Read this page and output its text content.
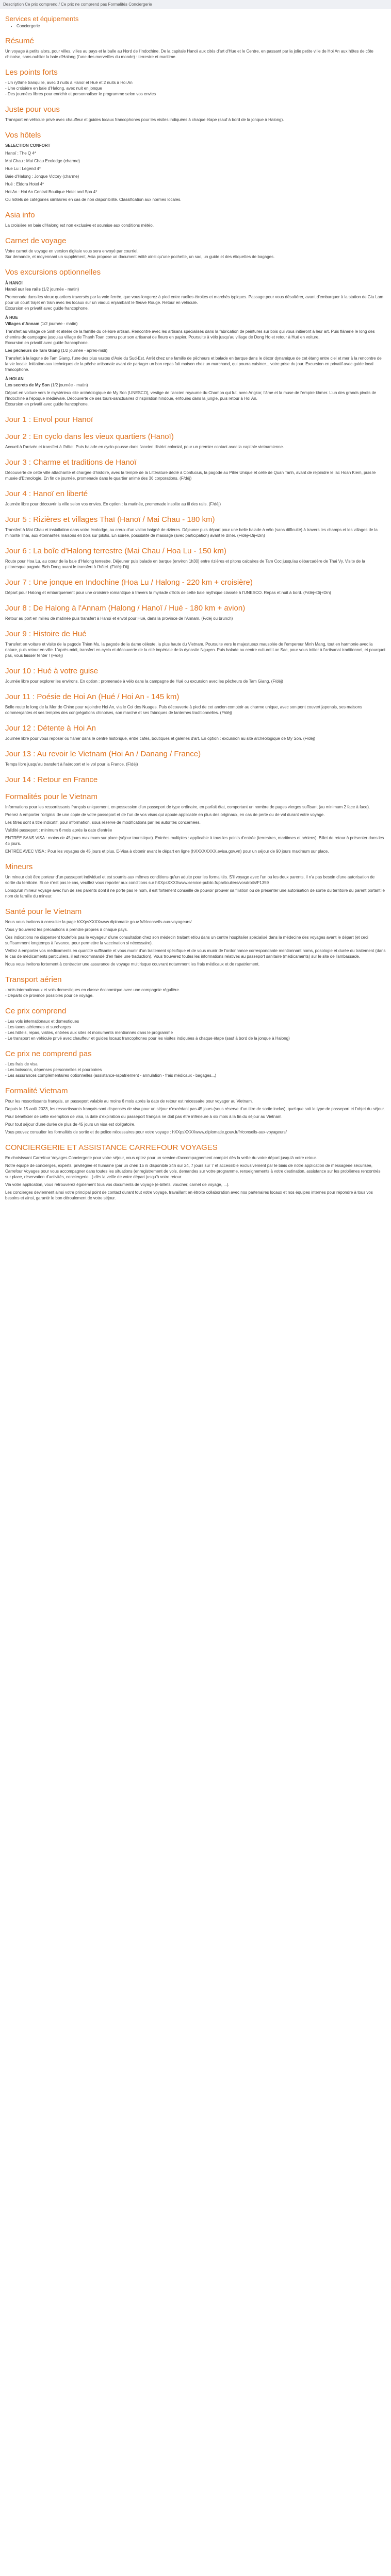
Description Ce prix comprend / Ce prix ne comprend pas Formalités Conciergerie
Services et équipements
• Conciergerie
Résumé
Un voyage à petits alors, pour villes, villes au pays et la balle au Nord de l'Indochine. De la capitale Hanoï aux cités d'art d'Hue et le Centre, en passant par la jolie petite ville de Hoi An aux hôtes de côte chinoise, sans oublier la baie d'Halong (l'une des merveilles du monde) : terrestre et maritime.
Les points forts
- Un rythme tranquille, avec 3 nuits à Hanoï et Hué et 2 nuits à Hoi An
- Une croisière en baie d'Halong, avec nuit en jonque
- Des journées libres pour enrichir et personnaliser le programme selon vos envies
Juste pour vous
Transport en véhicule privé avec chauffeur et guides locaux francophones pour les visites indiquées à chaque étape (sauf à bord de la jonque à Halong).
Vos hôtels
SELECTION CONFORT
Hanoï : The Q 4*
Mai Chau : Mai Chau Ecolodge (charme)
Hue Lu : Legend 4*
Baie d'Halong : Jonque Victory (charme)
Hué : Eldora Hotel 4*
Hoi An : Hoi An Central Boutique Hotel and Spa 4*
Ou hôtels de catégories similaires en cas de non disponibilité. Classification aux normes locales.
Asia info
La croisière en baie d'Halong est non exclusive et soumise aux conditions météo.
Carnet de voyage
Votre carnet de voyage en version digitale vous sera envoyé par courriel.
Sur demande, et moyennant un supplément, Asia propose un document édité ainsi qu'une pochette, un sac, un guide et des étiquettes de bagages.
Vos excursions optionnelles
À HANOÏ
Hanoï sur les rails (1/2 journée - matin)
Promenade dans les vieux quartiers traversés par la voie ferrée, que vous longerez à pied entre ruelles étroites et marchés typiques. Passage pour vous désaltérer, avant d'embarquer à la station de Gia Lam pour un court trajet en train avec les locaux sur un viaduc enjambant le fleuve Rouge. Retour en véhicule.
Excursion en privatif avec guide francophone.
À HUE
Villages d'Annam (1/2 journée - matin)
Transfert au village de Sinh et atelier de la famille du célèbre artisan. Rencontre avec les artisans spécialisés dans la fabrication de peintures sur bois qui vous initieront à leur art. Puis flânerie le long des chemins de campagne jusqu'au village de Thanh Toan connu pour son artisanat de fleurs en papier. Poursuite à vélo jusqu'au village de Dong Ho et retour à Hué en voiture.
Excursion en privatif avec guide francophone.
Les pêcheurs de Tam Giang (1/2 journée - après-midi)
Transfert à la lagune de Tam Giang, l'une des plus vastes d'Asie du Sud-Est. Arrêt chez une famille de pêcheurs et balade en barque dans le décor dynamique de cet étang entre ciel et mer à la rencontre de la vie locale. Initiation aux techniques de la pêche artisanale avant de partager un bon repas fait maison chez un marchand, qui pourra cuisiner... votre prise du jour. Excursion en privatif avec guide local francophone.
À HOI AN
Les secrets de My Son (1/2 journée - matin)
Départ en voiture vers le mystérieux site archéologique de My Son (UNESCO), vestige de l'ancien royaume du Champa qui fut, avec Angkor, l'âme et la muse de l'empire khmer. L'un des grands pivots de l'Indochine à l'époque médiévale. Découverte de ses tours-sanctuaires d'inspiration hindoue, enfouies dans la jungle, puis retour à Hoi An.
Excursion en privatif avec guide francophone.
Jour 1 : Envol pour Hanoï
Jour 2 : En cyclo dans les vieux quartiers (Hanoï)
Accueil à l'arrivée et transfert à l'hôtel. Puis balade en cyclo-pousse dans l'ancien district colonial, pour un premier contact avec la capitale vietnamienne.
Jour 3 : Charme et traditions de Hanoï
Découverte de cette ville attachante et chargée d'histoire, avec la temple de la Littérature dédié à Confucius, la pagode au Pilier Unique et celle de Quan Tanh, avant de rejoindre le lac Hoan Kiem, puis le musée d'Ethnologie. En fin de journée, promenade dans le quartier animé des 36 corporations. (F/déj)
Jour 4 : Hanoï en liberté
Journée libre pour découvrir la ville selon vos envies. En option : la matinée, promenade insolite au fil des rails. (F/déj)
Jour 5 : Rizières et villages Thaï (Hanoï / Mai Chau - 180 km)
Transfert à Mai Chau et installation dans votre écolodge, au creux d'un vallon baigné de rizières. Déjeuner puis départ pour une belle balade à vélo (sans difficulté) à travers les champs et les villages de la minorité Thaï, aux étonnantes maisons en bois sur pilotis. En soirée, possibilité de massage (avec participation) avant le dîner. (F/déj+Dij+Din)
Jour 6 : La boîe d'Halong terrestre (Mai Chau / Hoa Lu - 150 km)
Route pour Hoa Lu, au cœur de la baie d'Halong terrestre. Déjeuner puis balade en barque (environ 1h30) entre rizières et pitons calcaires de Tam Coc jusqu'au débarcadère de Thai Vy. Visite de la pittoresque pagode Bich Dong avant le transfert à l'hôtel. (F/déj+Dij)
Jour 7 : Une jonque en Indochine (Hoa Lu / Halong - 220 km + croisière)
Départ pour Halong et embarquement pour une croisière romantique à travers la myriade d'îlots de cette baie mythique classée à l'UNESCO. Repas et nuit à bord. (F/déj+Dij+Din)
Jour 8 : De Halong à l'Annam (Halong / Hanoï / Hué - 180 km + avion)
Retour au port en milieu de matinée puis transfert à Hanoï et envol pour Hué, dans la province de l'Annam. (F/déj ou brunch)
Jour 9 : Histoire de Hué
Transfert en voiture et visite de la pagode Thien Mu, la pagode de la dame céleste, la plus haute du Vietnam. Poursuite vers le majestueux mausolée de l'empereur Minh Mang, tout en harmonie avec la nature, puis retour en ville. L'après-midi, transfert en cyclo et découverte de la cité impériale de la dynastie Nguyen. Puis balade au centre culturel Lac Sac, pour vous initier à l'artisanat traditionnel, et pourquoi pas, vous laisser tenter ! (F/déj)
Jour 10 : Hué à votre guise
Journée libre pour explorer les environs. En option : promenade à vélo dans la campagne de Hué ou excursion avec les pêcheurs de Tam Giang. (F/déj)
Jour 11 : Poésie de Hoi An (Hué / Hoi An - 145 km)
Belle route le long de la Mer de Chine pour rejoindre Hoi An, via le Col des Nuages. Puis découverte à pied de cet ancien comptoir au charme unique, avec son pont couvert japonais, ses maisons commerçantes et ses temples des congrégations chinoises, son marché et ses fabriques de lanternes traditionnelles. (F/déj)
Jour 12 : Détente à Hoi An
Journée libre pour vous reposer ou flâner dans le centre historique, entre cafés, boutiques et galeries d'art. En option : excursion au site archéologique de My Son. (F/déj)
Jour 13 : Au revoir le Vietnam (Hoi An / Danang / France)
Temps libre jusqu'au transfert à l'aéroport et le vol pour la France. (F/déj)
Jour 14 : Retour en France
Formalités pour le Vietnam
Informations pour les ressortissants français uniquement, en possession d'un passeport de type ordinaire, en parfait état, comportant un nombre de pages vierges suffisant (au minimum 2 face à face).
Prenez à emporter l'original de une copie de votre passeport et de l'un de vos visas qui appuie applicable en plus des originaux, en cas de perte ou de vol durant votre voyage.
Les titres sont à titre indicatif, pour information, sous réserve de modifications par les autorités concernées.
Validité passeport : minimum 6 mois après la date d'entrée
ENTRÉE SANS VISA : moins de 45 jours maximum sur place (séjour touristique). Entrées multiples : applicable à tous les points d'entrée (terrestres, maritimes et aériens). Billet de retour à présenter dans les 45 jours.
ENTRÉE AVEC VISA : Pour les voyages de 45 jours et plus, E-Visa à obtenir avant le départ en ligne (hXXXXXXXX.evisa.gov.vn) pour un séjour de 90 jours maximum sur place.
Mineurs
Un mineur doit être porteur d'un passeport individuel et est soumis aux mêmes conditions qu'un adulte pour les formalités. S'il voyage avec l'un ou les deux parents, il n'a pas besoin d'une autorisation de sortie du territoire. Si ce n'est pas le cas, veuillez vous reporter aux conditions sur hXXpsXXXXwww.service-public.fr/particuliers/vosdroits/F1359
Lorsqu'un mineur voyage avec l'un de ses parents dont il ne porte pas le nom, il est fortement conseillé de pouvoir prouver sa filiation ou de présenter une autorisation de sortie du territoire du parent portant le nom de famille du mineur.
Santé pour le Vietnam
Nous vous invitons à consulter la page hXXpsXXXXwww.diplomatie.gouv.fr/fr/conseils-aux-voyageurs/
Vous y trouverez les précautions à prendre propres à chaque pays.
Ces indications ne dispensent toutefois pas le voyageur d'une consultation chez son médecin traitant et/ou dans un centre hospitalier spécialisé dans la médecine des voyages avant le départ (et ceci suffisamment longtemps à l'avance, pour permettre la vaccination si nécessaire).
Veillez à emporter vos médicaments en quantité suffisante et vous munir d'un traitement spécifique et de vous munir de l'ordonnance correspondante mentionnant noms, posologie et durée du traitement (dans le cas de médicaments particuliers, il est recommandé d'en faire une traduction). Vous trouverez toutes les informations relatives au passeport sanitaire (médicaments) sur le site de l'ambassade.
Nous vous invitons fortement à contracter une assurance de voyage multirisque couvrant notamment les frais médicaux et de rapatriement.
Transport aérien
- Vols internationaux et vols domestiques en classe économique avec une compagnie régulière.
- Départs de province possibles pour ce voyage.
Ce prix comprend
- Les vols internationaux et domestiques
- Les taxes aériennes et surcharges
- Les hôtels, repas, visites, entrées aux sites et monuments mentionnés dans le programme
- Le transport en véhicule privé avec chauffeur et guides locaux francophones pour les visites indiquées à chaque étape (sauf à bord de la jonque à Halong)
Ce prix ne comprend pas
- Les frais de visa
- Les boissons, dépenses personnelles et pourboires
- Les assurances complémentaires optionnelles (assistance-rapatriement - annulation - frais médicaux - bagages...)
Formalité Vietnam
Pour les ressortissants français, un passeport valable au moins 6 mois après la date de retour est nécessaire pour voyager au Vietnam.
Depuis le 15 août 2023, les ressortissants français sont dispensés de visa pour un séjour n'excédant pas 45 jours (sous réserve d'un titre de sortie inclus), quel que soit le type de passeport et l'objet du séjour.
Pour bénéficier de cette exemption de visa, la date d'expiration du passeport français ne doit pas être inférieure à six mois à la fin du séjour au Vietnam.
Pour tout séjour d'une durée de plus de 45 jours un visa est obligatoire.
Vous pouvez consulter les formalités de sortie et de police nécessaires pour votre voyage : hXXpsXXXXwww.diplomatie.gouv.fr/fr/conseils-aux-voyageurs/
CONCIERGERIE ET ASSISTANCE CARREFOUR VOYAGES
En choisissant Carrefour Voyages Conciergerie pour votre séjour, vous optez pour un service d'accompagnement complet dès la veille du votre départ jusqu'à votre retour.
Notre équipe de concierges, experts, privilégiée et humaine (par un chéri 15 ni disponible 24h sur 24, 7 jours sur 7 et accessible exclusivement par le biais de notre application de messagerie sécurisée, Carrefour Voyages pour vous accompagner dans toutes les situations (enregistrement de vols, demandes sur votre programme, renseignements à votre destination, assistance sur les problèmes rencontrés sur place, réservation d'activités, conciergerie...) dès la veille de votre départ jusqu'à votre retour.
Via votre application, vous retrouverez également tous vos documents de voyage (e-billets, voucher, carnet de voyage, ...).
Les concierges deviennent ainsi votre principal point de contact durant tout votre voyage, travaillant en étroite collaboration avec nos partenaires locaux et nos équipes internes pour répondre à tous vos besoins et ainsi, garantir le bon déroulement de votre séjour.
